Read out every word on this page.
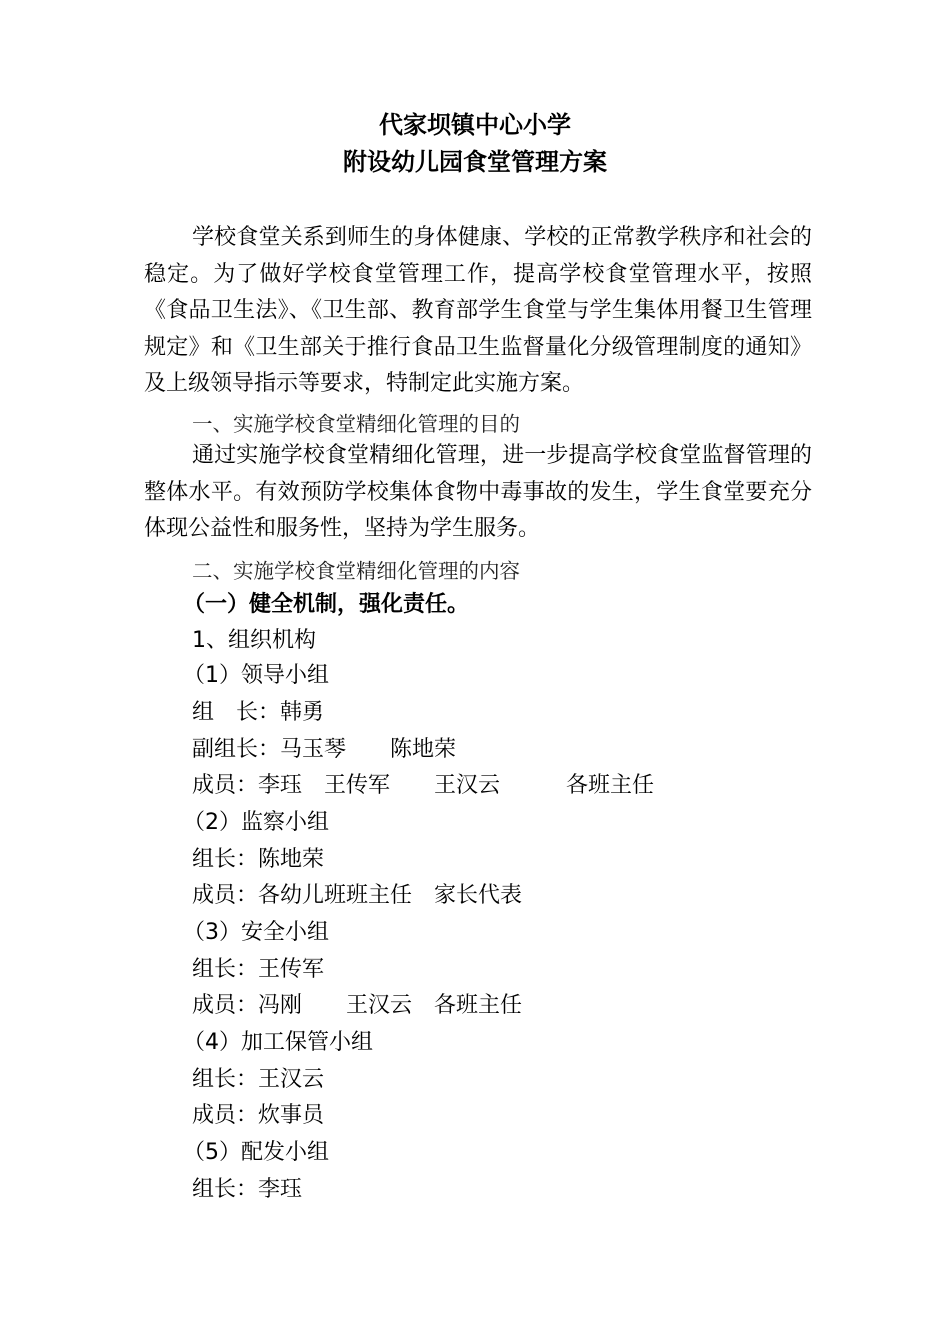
代家坝镇中心小学
附设幼儿园食堂管理方案
学校食堂关系到师生的身体健康、学校的正常教学秩序和社会的稳定。为了做好学校食堂管理工作，提高学校食堂管理水平，按照《食品卫生法》、《卫生部、教育部学生食堂与学生集体用餐卫生管理规定》和《卫生部关于推行食品卫生监督量化分级管理制度的通知》及上级领导指示等要求，特制定此实施方案。
一、实施学校食堂精细化管理的目的
通过实施学校食堂精细化管理，进一步提高学校食堂监督管理的整体水平。有效预防学校集体食物中毒事故的发生，学生食堂要充分体现公益性和服务性，坚持为学生服务。
二、实施学校食堂精细化管理的内容
（一）健全机制，强化责任。
1、组织机构
（1）领导小组
组　长：韩勇
副组长：马玉琴　　陈地荣
成员：李珏　王传军　　王汉云　　　各班主任
（2）监察小组
组长：陈地荣
成员：各幼儿班班主任　家长代表
（3）安全小组
组长：王传军
成员：冯刚　　王汉云　各班主任
（4）加工保管小组
组长：王汉云
成员：炊事员
（5）配发小组
组长：李珏
